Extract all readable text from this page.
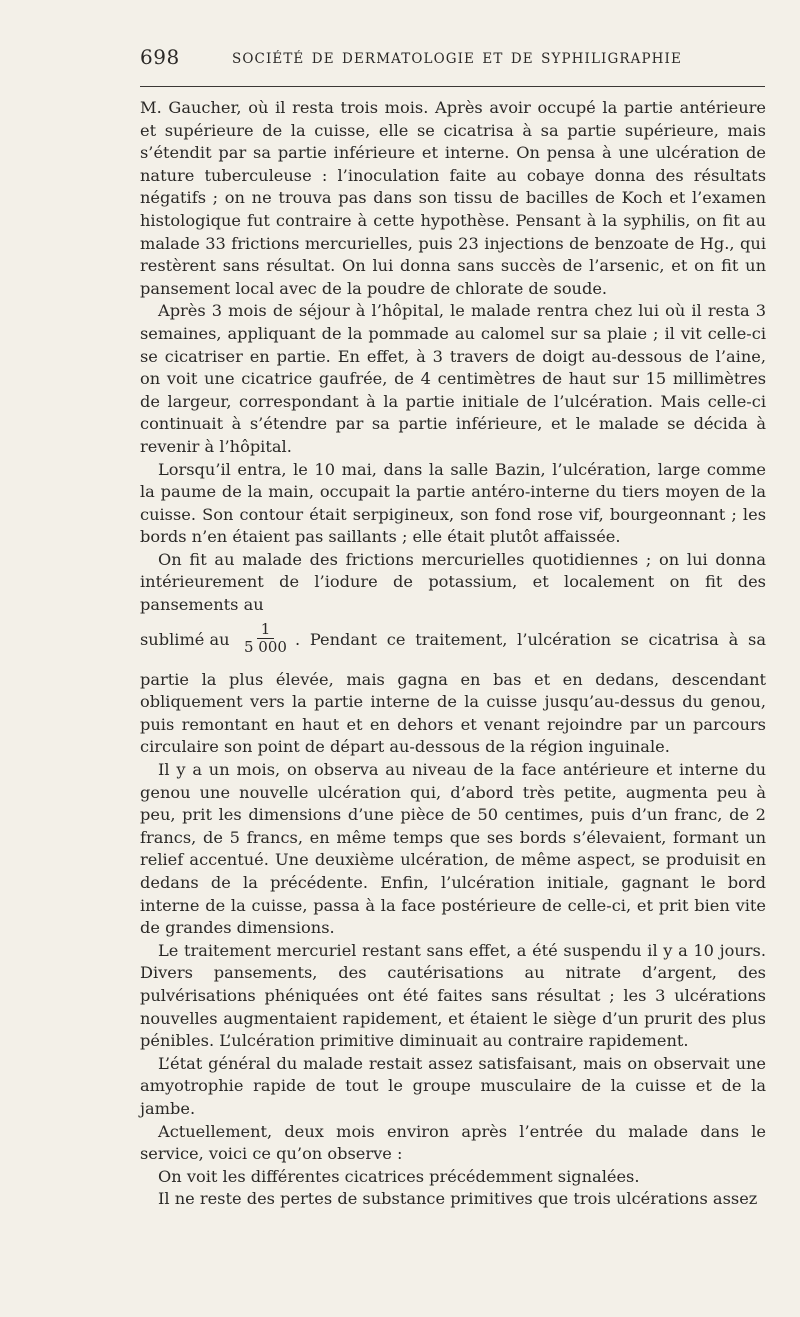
698	SOCIÉTÉ DE DERMATOLOGIE ET DE SYPHILIGRAPHIE

M. Gaucher, où il resta trois mois. Après avoir occupé la partie antérieure et supérieure de la cuisse, elle se cicatrisa à sa partie supérieure, mais s’étendit par sa partie inférieure et interne. On pensa à une ulcération de nature tuberculeuse : l’inoculation faite au cobaye donna des résultats négatifs ; on ne trouva pas dans son tissu de bacilles de Koch et l’examen histologique fut contraire à cette hypothèse. Pensant à la syphilis, on fit au malade 33 frictions mercurielles, puis 23 injections de benzoate de Hg., qui restèrent sans résultat. On lui donna sans succès de l’arsenic, et on fit un pansement local avec de la poudre de chlorate de soude.

Après 3 mois de séjour à l’hôpital, le malade rentra chez lui où il resta 3 semaines, appliquant de la pommade au calomel sur sa plaie ; il vit celle-ci se cicatriser en partie. En effet, à 3 travers de doigt au-dessous de l’aine, on voit une cicatrice gaufrée, de 4 centimètres de haut sur 15 millimètres de largeur, correspondant à la partie initiale de l’ulcération. Mais celle-ci continuait à s’étendre par sa partie inférieure, et le malade se décida à revenir à l’hôpital.

Lorsqu’il entra, le 10 mai, dans la salle Bazin, l’ulcération, large comme la paume de la main, occupait la partie antéro-interne du tiers moyen de la cuisse. Son contour était serpigineux, son fond rose vif, bourgeonnant ; les bords n’en étaient pas saillants ; elle était plutôt affaissée.

On fit au malade des frictions mercurielles quotidiennes ; on lui donna intérieurement de l’iodure de potassium, et localement on fit des pansements au

sublimé au $\frac{1}{5 000}$ . Pendant ce traitement, l’ulcération se cicatrisa à sa

partie la plus élevée, mais gagna en bas et en dedans, descendant obliquement vers la partie interne de la cuisse jusqu’au-dessus du genou, puis remontant en haut et en dehors et venant rejoindre par un parcours circulaire son point de départ au-dessous de la région inguinale.

Il y a un mois, on observa au niveau de la face antérieure et interne du genou une nouvelle ulcération qui, d’abord très petite, augmenta peu à peu, prit les dimensions d’une pièce de 50 centimes, puis d’un franc, de 2 francs, de 5 francs, en même temps que ses bords s’élevaient, formant un relief accentué. Une deuxième ulcération, de même aspect, se produisit en dedans de la précédente. Enfin, l’ulcération initiale, gagnant le bord interne de la cuisse, passa à la face postérieure de celle-ci, et prit bien vite de grandes dimensions.

Le traitement mercuriel restant sans effet, a été suspendu il y a 10 jours. Divers pansements, des cautérisations au nitrate d’argent, des pulvérisations phéniquées ont été faites sans résultat ; les 3 ulcérations nouvelles augmentaient rapidement, et étaient le siège d’un prurit des plus pénibles. L’ulcération primitive diminuait au contraire rapidement.

L’état général du malade restait assez satisfaisant, mais on observait une amyotrophie rapide de tout le groupe musculaire de la cuisse et de la jambe.

Actuellement, deux mois environ après l’entrée du malade dans le service, voici ce qu’on observe :

On voit les différentes cicatrices précédemment signalées.

Il ne reste des pertes de substance primitives que trois ulcérations assez
